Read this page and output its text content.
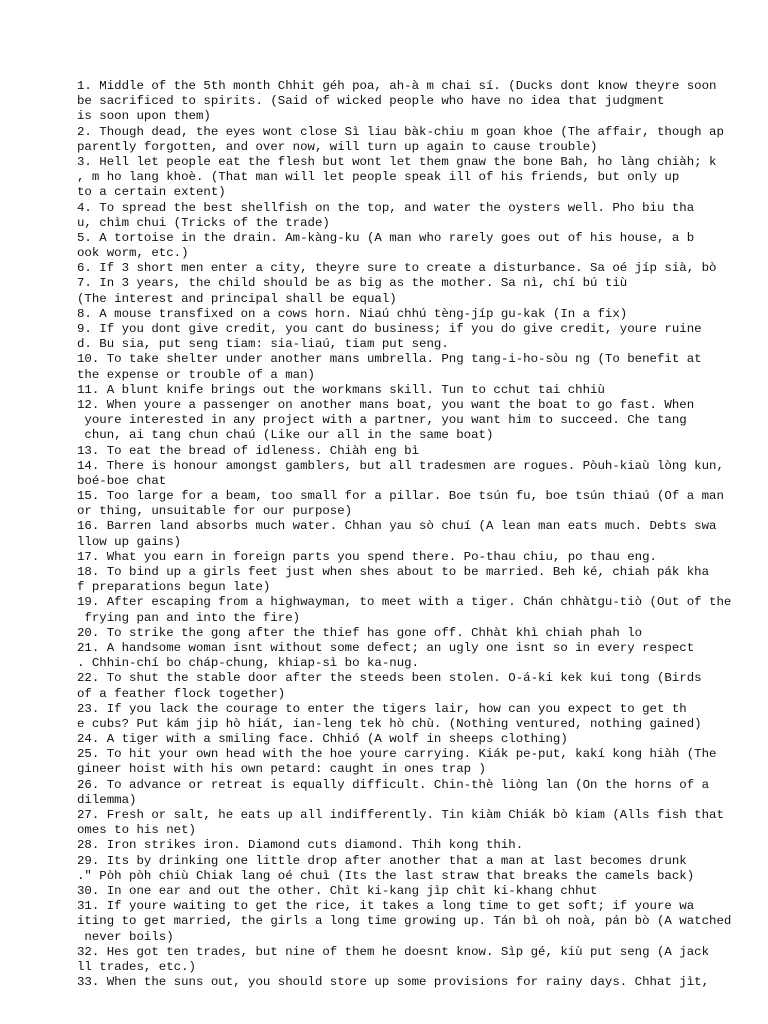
1. Middle of the 5th month Chhit géh poa, ah-à m chai sí. (Ducks dont know theyre soon
be sacrificed to spirits. (Said of wicked people who have no idea that judgment
is soon upon them)
2. Though dead, the eyes wont close Sì liau bàk-chiu m goan khoe (The affair, though ap
parently forgotten, and over now, will turn up again to cause trouble)
3. Hell let people eat the flesh but wont let them gnaw the bone Bah, ho làng chiàh; k
, m ho lang khoè. (That man will let people speak ill of his friends, but only up
to a certain extent)
4. To spread the best shellfish on the top, and water the oysters well. Pho biu tha
u, chìm chui (Tricks of the trade)
5. A tortoise in the drain. Am-kàng-ku (A man who rarely goes out of his house, a b
ook worm, etc.)
6. If 3 short men enter a city, theyre sure to create a disturbance. Sa oé jíp sià, bò
7. In 3 years, the child should be as big as the mother. Sa nì, chí bú tiù
(The interest and principal shall be equal)
8. A mouse transfixed on a cows horn. Niaú chhú tèng-jíp gu-kak (In a fix)
9. If you dont give credit, you cant do business; if you do give credit, youre ruine
d. Bu sia, put seng tiam: sia-liaú, tiam put seng.
10. To take shelter under another mans umbrella. Png tang-i-ho-sòu ng (To benefit at
the expense or trouble of a man)
11. A blunt knife brings out the workmans skill. Tun to cchut tai chhiù
12. When youre a passenger on another mans boat, you want the boat to go fast. When
youre interested in any project with a partner, you want him to succeed. Che tang
chun, ai tang chun chaú (Like our all in the same boat)
13. To eat the bread of idleness. Chiàh eng bì
14. There is honour amongst gamblers, but all tradesmen are rogues. Pòuh-kiaù lòng kun,
boé-boe chat
15. Too large for a beam, too small for a pillar. Boe tsún fu, boe tsún thiaú (Of a man
or thing, unsuitable for our purpose)
16. Barren land absorbs much water. Chhan yau sò chuí (A lean man eats much. Debts swa
llow up gains)
17. What you earn in foreign parts you spend there. Po-thau chiu, po thau eng.
18. To bind up a girls feet just when shes about to be married. Beh ké, chiah pák kha
f preparations begun late)
19. After escaping from a highwayman, to meet with a tiger. Chán chhàtgu-tiò (Out of the
frying pan and into the fire)
20. To strike the gong after the thief has gone off. Chhàt khì chiah phah lo
21. A handsome woman isnt without some defect; an ugly one isnt so in every respect
. Chhin-chí bo cháp-chung, khiap-sì bo ka-nug.
22. To shut the stable door after the steeds been stolen. O-á-ki kek kui tong (Birds
of a feather flock together)
23. If you lack the courage to enter the tigers lair, how can you expect to get th
e cubs? Put kám jip hò hiát, ian-leng tek hò chù. (Nothing ventured, nothing gained)
24. A tiger with a smiling face. Chhió (A wolf in sheeps clothing)
25. To hit your own head with the hoe youre carrying. Kiák pe-put, kakí kong hiàh (The
gineer hoist with his own petard: caught in ones trap )
26. To advance or retreat is equally difficult. Chin-thè liòng lan (On the horns of a
dilemma)
27. Fresh or salt, he eats up all indifferently. Tin kiàm Chiák bò kiam (Alls fish that
omes to his net)
28. Iron strikes iron. Diamond cuts diamond. Thih kong thih.
29. Its by drinking one little drop after another that a man at last becomes drunk
." Pòh pòh chiù Chiak lang oé chuì (Its the last straw that breaks the camels back)
30. In one ear and out the other. Chìt ki-kang jìp chìt ki-khang chhut
31. If youre waiting to get the rice, it takes a long time to get soft; if youre wa
iting to get married, the girls a long time growing up. Tán bì oh noà, pán bò (A watched
never boils)
32. Hes got ten trades, but nine of them he doesnt know. Sìp gé, kiù put seng (A jack
ll trades, etc.)
33. When the suns out, you should store up some provisions for rainy days. Chhat jìt,
